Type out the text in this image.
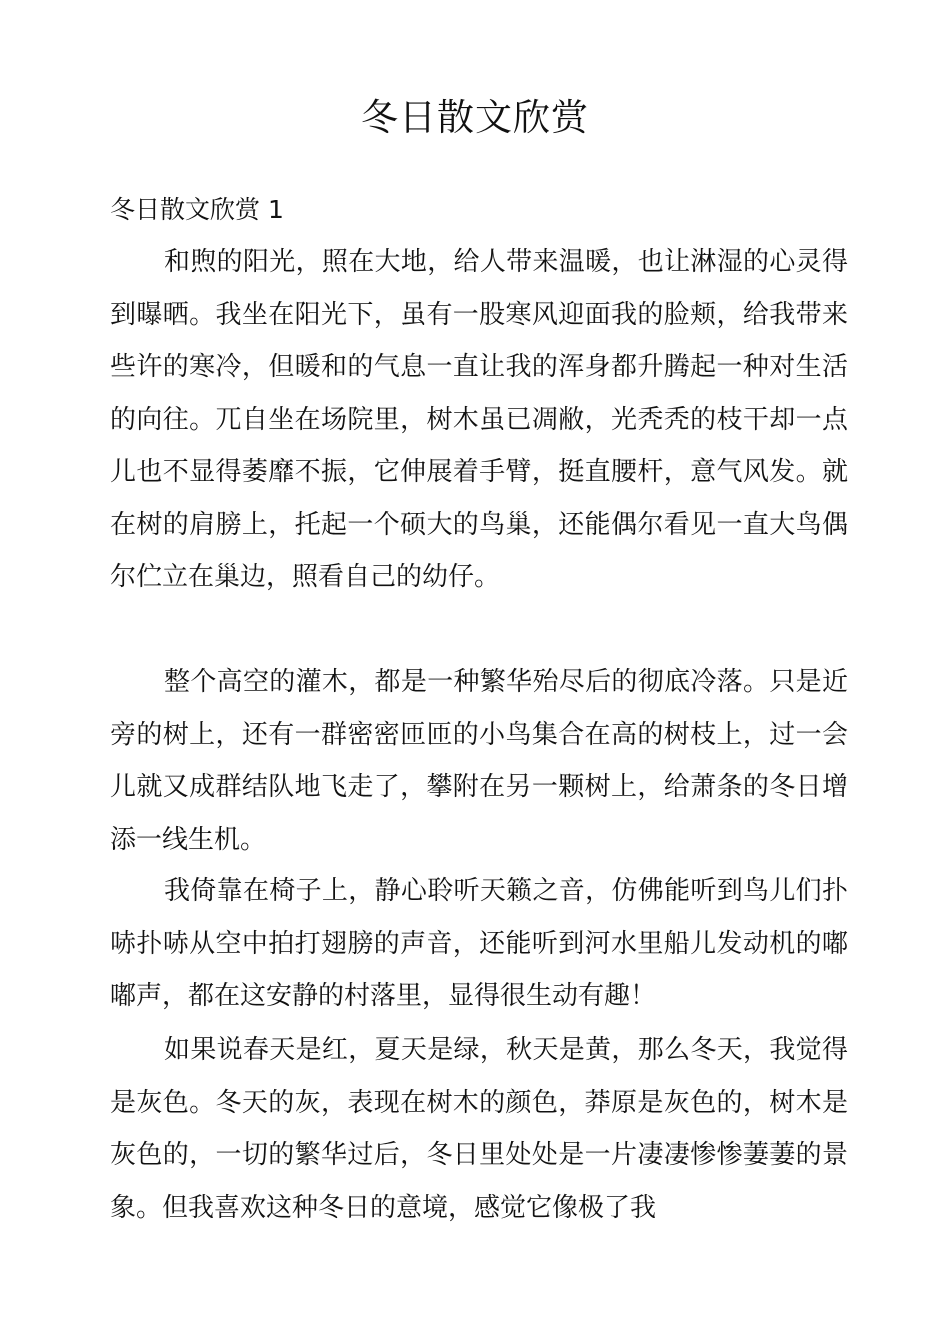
冬日散文欣赏
冬日散文欣赏 1

和煦的阳光，照在大地，给人带来温暖，也让淋湿的心灵得到曝晒。我坐在阳光下，虽有一股寒风迎面我的脸颊，给我带来些许的寒冷，但暖和的气息一直让我的浑身都升腾起一种对生活的向往。兀自坐在场院里，树木虽已凋敝，光秃秃的枝干却一点儿也不显得萎靡不振，它伸展着手臂，挺直腰杆，意气风发。就在树的肩膀上，托起一个硕大的鸟巢，还能偶尔看见一直大鸟偶尔伫立在巢边，照看自己的幼仔。

整个高空的灌木，都是一种繁华殆尽后的彻底冷落。只是近旁的树上，还有一群密密匝匝的小鸟集合在高的树枝上，过一会儿就又成群结队地飞走了，攀附在另一颗树上，给萧条的冬日增添一线生机。

我倚靠在椅子上，静心聆听天籁之音，仿佛能听到鸟儿们扑哧扑哧从空中拍打翅膀的声音，还能听到河水里船儿发动机的嘟嘟声，都在这安静的村落里，显得很生动有趣！

如果说春天是红，夏天是绿，秋天是黄，那么冬天，我觉得是灰色。冬天的灰，表现在树木的颜色，莽原是灰色的，树木是灰色的，一切的繁华过后，冬日里处处是一片凄凄惨惨萋萋的景象。但我喜欢这种冬日的意境，感觉它像极了我
